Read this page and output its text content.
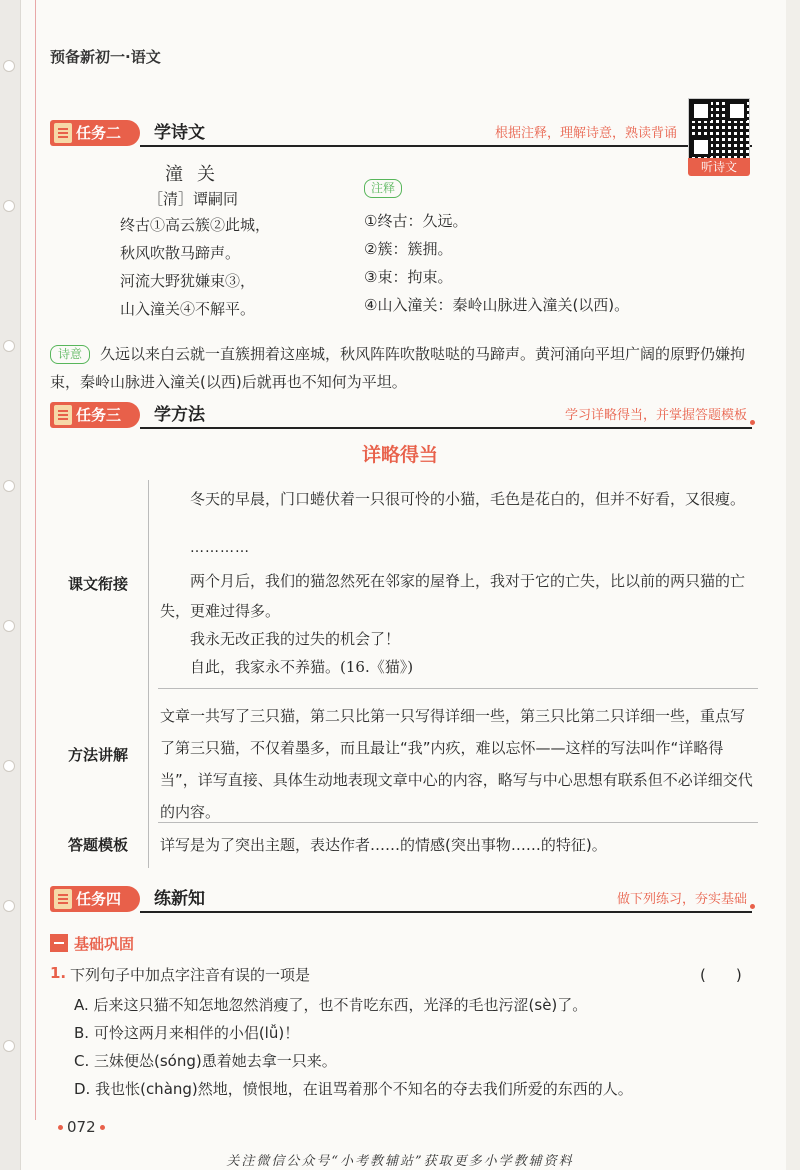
预备新初一·语文
任务二 学诗文	根据注释，理解诗意，熟读背诵
听诗文
潼关
［清］谭嗣同
终古①高云簇②此城，
秋风吹散马蹄声。
河流大野犹嫌束③，
山入潼关④不解平。
注释
①终古：久远。
②簇：簇拥。
③束：拘束。
④山入潼关：秦岭山脉进入潼关(以西)。
诗意	久远以来白云就一直簇拥着这座城，秋风阵阵吹散哒哒的马蹄声。黄河涌向平坦广阔的原野仍嫌拘束，秦岭山脉进入潼关(以西)后就再也不知何为平坦。
任务三 学方法	学习详略得当，并掌握答题模板
详略得当
课文衔接
冬天的早晨，门口蜷伏着一只很可怜的小猫，毛色是花白的，但并不好看，又很瘦。
…………
两个月后，我们的猫忽然死在邻家的屋脊上，我对于它的亡失，比以前的两只猫的亡失，更难过得多。
我永无改正我的过失的机会了！
自此，我家永不养猫。(16.《猫》)
方法讲解
文章一共写了三只猫，第二只比第一只写得详细一些，第三只比第二只详细一些，重点写了第三只猫，不仅着墨多，而且最让“我”内疚，难以忘怀——这样的写法叫作“详略得当”，详写直接、具体生动地表现文章中心的内容，略写与中心思想有联系但不必详细交代的内容。
答题模板 详写是为了突出主题，表达作者……的情感(突出事物……的特征)。
任务四 练新知	做下列练习，夯实基础
基础巩固
1. 下列句子中加点字注音有误的一项是	(　　)
A. 后来这只猫不知怎地忽然消瘦了，也不肯吃东西，光泽的毛也污涩(sè)了。
B. 可怜这两月来相伴的小侣(lǚ)！
C. 三妹便怂(sóng)恿着她去拿一只来。
D. 我也怅(chàng)然地，愤恨地，在诅骂着那个不知名的夺去我们所爱的东西的人。
072
关注微信公众号“小考教辅站”获取更多小学教辅资料
